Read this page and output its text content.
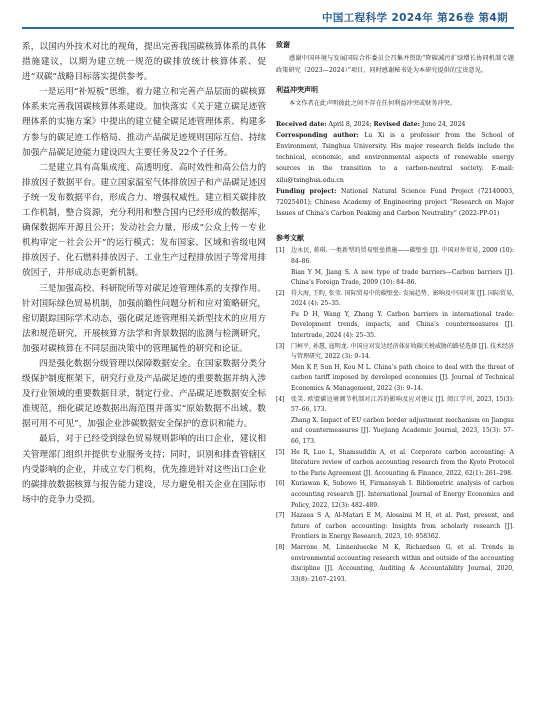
中国工程科学 2024年 第26卷 第4期

系，以国内外技术对比的视角，提出完善我国碳核算体系的具体措施建议，以期为建立统一规范的碳排放统计核算体系、促进“双碳”战略目标落实提供参考。

一是运用“补短板”思维，着力建立和完善产品层面的碳核算体系来完善我国碳核算体系建设。加快落实《关于建立碳足迹管理体系的实施方案》中提出的建立健全碳足迹管理体系、构建多方参与的碳足迹工作格局、推动产品碳足迹规则国际互信、持续加强产品碳足迹能力建设四大主要任务及22个子任务。

二是建立具有高集成度、高透明度、高时效性和高公信力的排放因子数据平台。建立国家温室气体排放因子和产品碳足迹因子统一发布数据平台，形成合力、增强权威性。建立相关碳排放工作机制，整合资源，充分利用和整合国内已经形成的数据库，确保数据库开源且公开；发动社会力量，形成“公众上传－专业机构审定－社会公开”的运行模式；发布国家、区域和省级电网排放因子、化石燃料排放因子、工业生产过程排放因子等常用排放因子，并形成动态更新机制。

三是加强高校、科研院所等对碳足迹管理体系的支撑作用。针对国际绿色贸易机制，加强前瞻性问题分析和应对策略研究，密切跟踪国际学术动态，强化碳足迹管理相关新型技术的应用方法和规范研究，开展核算方法学和背景数据的监测与检测研究，加强对碳核算在不同层面决策中的管理属性的研究和论证。

四是强化数据分级管理以保障数据安全。在国家数据分类分级保护制度框架下，研究行业及产品碳足迹的重要数据并纳入涉及行业领域的重要数据目录，制定行业、产品碳足迹数据安全标准规范，细化碳足迹数据出海范围并落实“原始数据不出域、数据可用不可见”，加强企业涉碳数据安全保护的意识和能力。

最后，对于已经受到绿色贸易规则影响的出口企业，建议相关管理部门组织并提供专业服务支持；同时，识别和排查管辖区内受影响的企业，并成立专门机构，优先推进针对这些出口企业的碳排放数据核算与报告能力建设，尽力避免相关企业在国际市场中的竞争力受损。

致谢

感谢中国环境与发展国际合作委员会召集并资助“降碳减污扩绿增长协同机制专题政策研究（2023—2024）”项目，同时感谢秘书处为本研究提供的宝贵意见。

利益冲突声明

本文作者在此声明彼此之间不存在任何利益冲突或财务冲突。

Received date: April 8, 2024; Revised date: June 24, 2024

Corresponding author: Lu Xi is a professor from the School of Environment, Tsinghua University. His major research fields include the technical, economic, and environmental aspects of renewable energy sources in the transition to a carbon-neutral society. E-mail: xilu@tsinghua.edu.cn

Funding project: National Natural Science Fund Project (72140003, 72025401); Chinese Academy of Engineering project “Research on Major Issues of China’s Carbon Peaking and Carbon Neutrality” (2022-PP-01)

参考文献
[1]	边永民, 蒋琪. 一类新型的贸易壁垒措施——碳壁垒 [J]. 中国对外贸易, 2009 (10): 84–86.
Bian Y M, Jiang S. A new type of trade barriers—Carbon barriers [J]. China’s Foreign Trade, 2009 (10): 84–86.
[2]	符大海, 王昀, 张莹. 国际贸易中的碳壁垒: 发展趋势、影响及中国对策 [J]. 国际贸易, 2024 (4): 25–35.
Fu D H, Wang Y, Zhang Y. Carbon barriers in international trade: Development trends, impacts, and China’s countermeasures [J]. Intertrade, 2024 (4): 25–35.
[3]	门柯平, 孙慧, 寇明龙. 中国应对发达经济体征收碳关税威胁的路径选择 [J]. 技术经济与管理研究, 2022 (3): 9–14.
Men K P, Sun H, Kou M L. China’s path choice to deal with the threat of carbon tariff imposed by developed economies [J]. Journal of Technical Economics & Management, 2022 (3): 9–14.
[4]	张笑. 欧盟碳边境调节机制对江苏的影响及应对建议 [J]. 阅江学刊, 2023, 15(3): 57–66, 173.
Zhang X. Impact of EU carbon border adjustment mechanism on Jiangsu and countermeasures [J]. Yuejiang Academic Journal, 2023, 15(3): 57–66, 173.
[5]	He R, Luo L, Shamsuddin A, et al. Corporate carbon accounting: A literature review of carbon accounting research from the Kyoto Protocol to the Paris Agreement [J]. Accounting & Finance, 2022, 62(1): 261–298.
[6]	Kuriawan K, Subowo H, Firmansyah I. Bibliometric analysis of carbon accounting research [J]. International Journal of Energy Economics and Policy, 2022, 12(3): 482–489.
[7]	Hazaea S A, Al-Matari E M, Alosaimi M H, et al. Past, present, and future of carbon accounting: Insights from scholarly research [J]. Frontiers in Energy Research, 2023, 10: 958362.
[8]	Marrone M, Linnenluecke M K, Richardson G, et al. Trends in environmental accounting research within and outside of the accounting discipline [J]. Accounting, Auditing & Accountability Journal, 2020, 33(8): 2167–2193.
